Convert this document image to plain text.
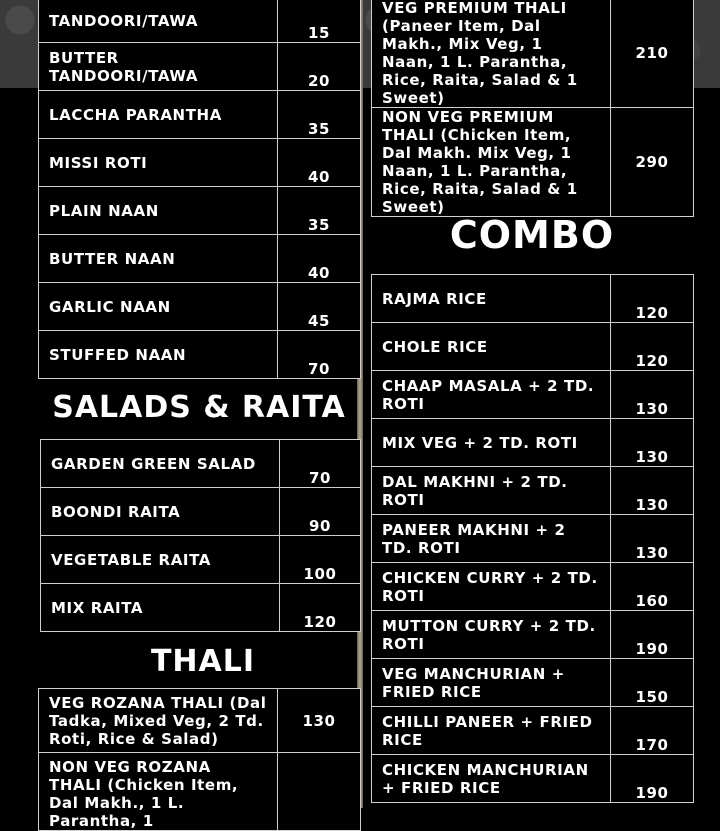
TANDOORI/TAWA	15
BUTTER TANDOORI/TAWA	20
LACCHA PARANTHA	35
MISSI ROTI	40
PLAIN NAAN	35
BUTTER NAAN	40
GARLIC NAAN	45
STUFFED NAAN	70
SALADS & RAITA
GARDEN GREEN SALAD	70
BOONDI RAITA	90
VEGETABLE RAITA	100
MIX RAITA	120
THALI
VEG ROZANA THALI (Dal Tadka, Mixed Veg, 2 Td. Roti, Rice & Salad)	130
NON VEG ROZANA THALI (Chicken Item, Dal Makh., 1 L. Parantha, 1	
VEG PREMIUM THALI (Paneer Item, Dal Makh., Mix Veg, 1 Naan, 1 L. Parantha, Rice, Raita, Salad & 1 Sweet)	210
NON VEG PREMIUM THALI (Chicken Item, Dal Makh. Mix Veg, 1 Naan, 1 L. Parantha, Rice, Raita, Salad & 1 Sweet)	290
COMBO
RAJMA RICE	120
CHOLE RICE	120
CHAAP MASALA + 2 TD. ROTI	130
MIX VEG + 2 TD. ROTI	130
DAL MAKHNI + 2 TD. ROTI	130
PANEER MAKHNI + 2 TD. ROTI	130
CHICKEN CURRY + 2 TD. ROTI	160
MUTTON CURRY + 2 TD. ROTI	190
VEG MANCHURIAN + FRIED RICE	150
CHILLI PANEER + FRIED RICE	170
CHICKEN MANCHURIAN + FRIED RICE	190
